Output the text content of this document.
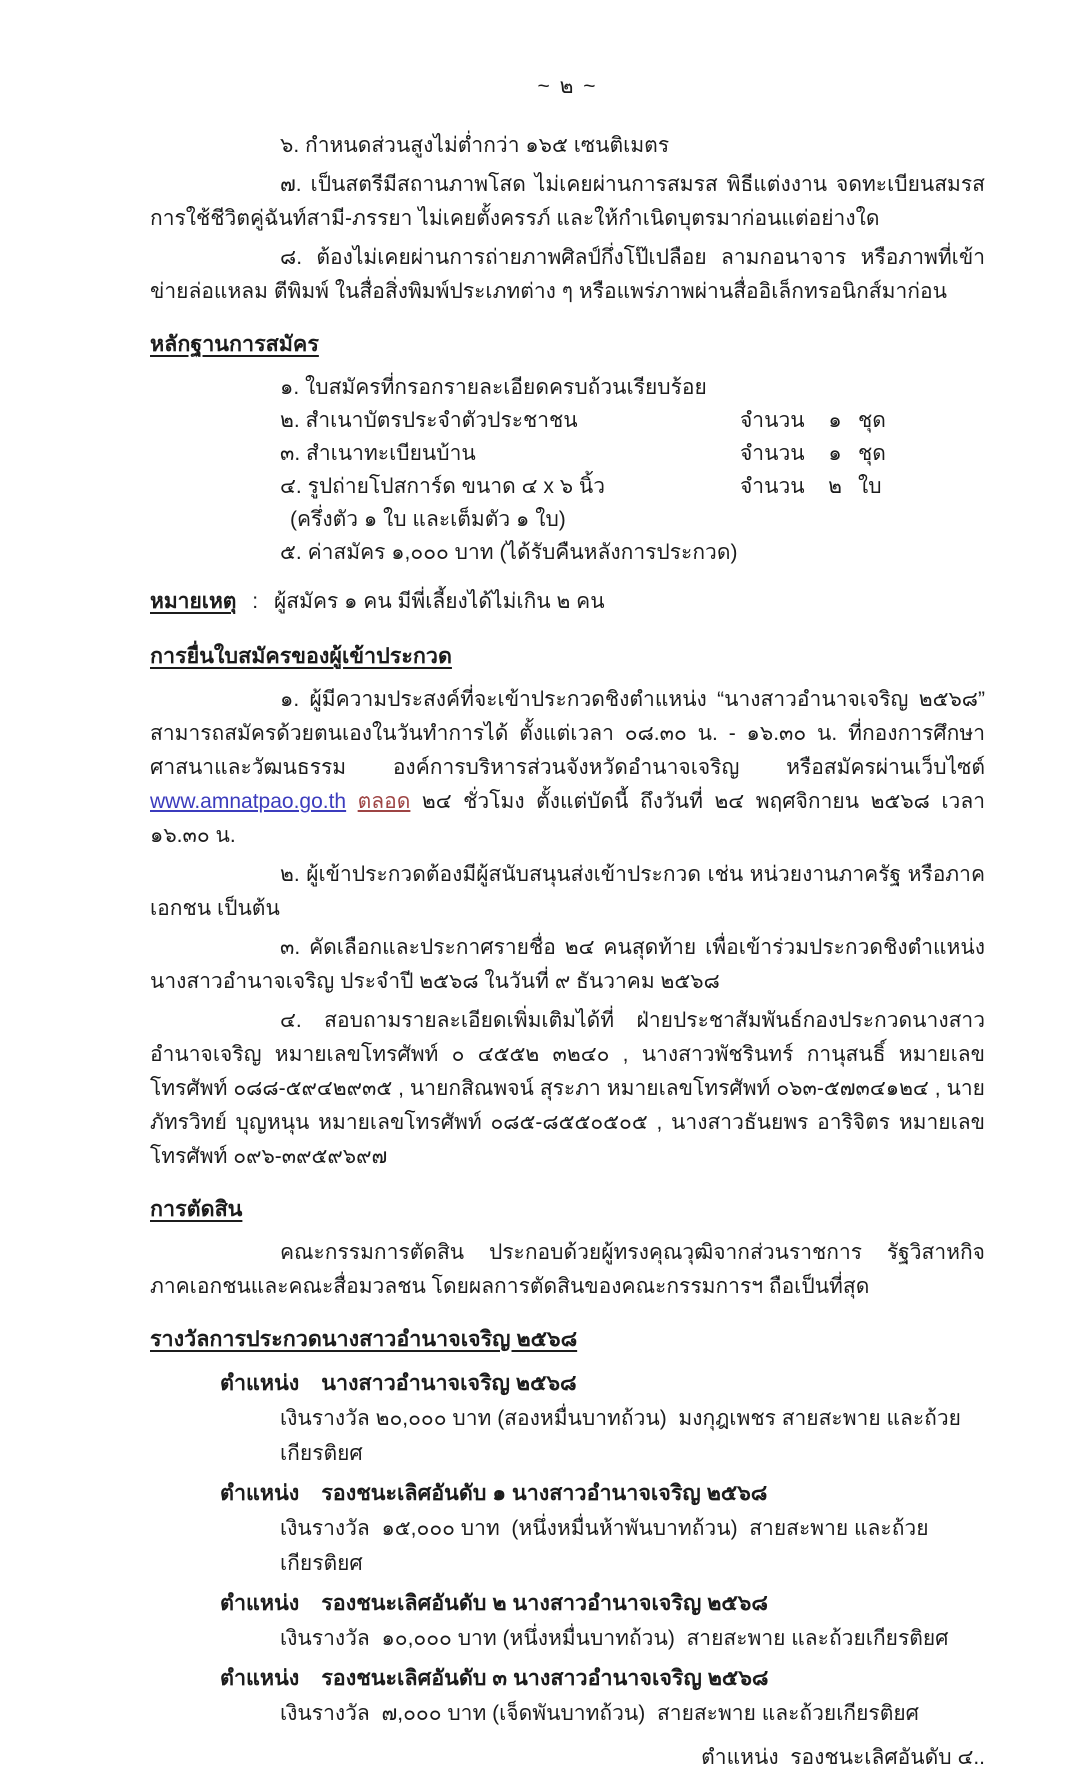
~ ๒ ~

๖. กำหนดส่วนสูงไม่ต่ำกว่า ๑๖๕ เซนติเมตร

๗. เป็นสตรีมีสถานภาพโสด ไม่เคยผ่านการสมรส พิธีแต่งงาน จดทะเบียนสมรส การใช้ชีวิตคู่ฉันท์สามี-ภรรยา ไม่เคยตั้งครรภ์ และให้กำเนิดบุตรมาก่อนแต่อย่างใด

๘. ต้องไม่เคยผ่านการถ่ายภาพศิลป์กึ่งโป๊เปลือย ลามกอนาจาร หรือภาพที่เข้าข่ายล่อแหลม ตีพิมพ์ ในสื่อสิ่งพิมพ์ประเภทต่าง ๆ หรือแพร่ภาพผ่านสื่ออิเล็กทรอนิกส์มาก่อน

หลักฐานการสมัคร
๑. ใบสมัครที่กรอกรายละเอียดครบถ้วนเรียบร้อย
๒. สำเนาบัตรประจำตัวประชาชน	จำนวน	๑ ชุด
๓. สำเนาทะเบียนบ้าน	จำนวน	๑ ชุด
๔. รูปถ่ายโปสการ์ด ขนาด ๔ x ๖ นิ้ว	จำนวน	๒ ใบ
(ครึ่งตัว ๑ ใบ และเต็มตัว ๑ ใบ)
๕. ค่าสมัคร ๑,๐๐๐ บาท (ได้รับคืนหลังการประกวด)
หมายเหตุ : ผู้สมัคร ๑ คน มีพี่เลี้ยงได้ไม่เกิน ๒ คน
การยื่นใบสมัครของผู้เข้าประกวด

๑. ผู้มีความประสงค์ที่จะเข้าประกวดชิงตำแหน่ง “นางสาวอำนาจเจริญ ๒๕๖๘” สามารถสมัครด้วยตนเองในวันทำการได้ ตั้งแต่เวลา ๐๘.๓๐ น. - ๑๖.๓๐ น. ที่กองการศึกษา ศาสนาและวัฒนธรรม องค์การบริหารส่วนจังหวัดอำนาจเจริญ หรือสมัครผ่านเว็บไซต์ www.amnatpao.go.th ตลอด ๒๔ ชั่วโมง ตั้งแต่บัดนี้ ถึงวันที่ ๒๔ พฤศจิกายน ๒๕๖๘ เวลา ๑๖.๓๐ น.

๒. ผู้เข้าประกวดต้องมีผู้สนับสนุนส่งเข้าประกวด เช่น หน่วยงานภาครัฐ หรือภาคเอกชน เป็นต้น

๓. คัดเลือกและประกาศรายชื่อ ๒๔ คนสุดท้าย เพื่อเข้าร่วมประกวดชิงตำแหน่งนางสาวอำนาจเจริญ ประจำปี ๒๕๖๘ ในวันที่ ๙ ธันวาคม ๒๕๖๘

๔. สอบถามรายละเอียดเพิ่มเติมได้ที่ ฝ่ายประชาสัมพันธ์กองประกวดนางสาวอำนาจเจริญ หมายเลขโทรศัพท์ ๐ ๔๕๕๒ ๓๒๔๐ , นางสาวพัชรินทร์ กานุสนธิ์ หมายเลขโทรศัพท์ ๐๘๘-๕๙๔๒๙๓๕ , นายกสิณพจน์ สุระภา หมายเลขโทรศัพท์ ๐๖๓-๕๗๓๔๑๒๔ , นายภัทรวิทย์ บุญหนุน หมายเลขโทรศัพท์ ๐๘๕-๘๕๕๐๕๐๕ , นางสาวธันยพร อาริจิตร หมายเลขโทรศัพท์ ๐๙๖-๓๙๕๙๖๙๗

การตัดสิน

คณะกรรมการตัดสิน ประกอบด้วยผู้ทรงคุณวุฒิจากส่วนราชการ รัฐวิสาหกิจ ภาคเอกชนและคณะสื่อมวลชน โดยผลการตัดสินของคณะกรรมการฯ ถือเป็นที่สุด

รางวัลการประกวดนางสาวอำนาจเจริญ ๒๕๖๘
ตำแหน่ง นางสาวอำนาจเจริญ ๒๕๖๘
เงินรางวัล ๒๐,๐๐๐ บาท (สองหมื่นบาทถ้วน)  มงกุฎเพชร สายสะพาย และถ้วยเกียรติยศ
ตำแหน่ง รองชนะเลิศอันดับ ๑ นางสาวอำนาจเจริญ ๒๕๖๘
เงินรางวัล  ๑๕,๐๐๐ บาท  (หนึ่งหมื่นห้าพันบาทถ้วน)  สายสะพาย และถ้วยเกียรติยศ
ตำแหน่ง รองชนะเลิศอันดับ ๒ นางสาวอำนาจเจริญ ๒๕๖๘
เงินรางวัล  ๑๐,๐๐๐ บาท (หนึ่งหมื่นบาทถ้วน)  สายสะพาย และถ้วยเกียรติยศ
ตำแหน่ง รองชนะเลิศอันดับ ๓ นางสาวอำนาจเจริญ ๒๕๖๘
เงินรางวัล  ๗,๐๐๐ บาท (เจ็ดพันบาทถ้วน)  สายสะพาย และถ้วยเกียรติยศ
ตำแหน่ง  รองชนะเลิศอันดับ ๔..
